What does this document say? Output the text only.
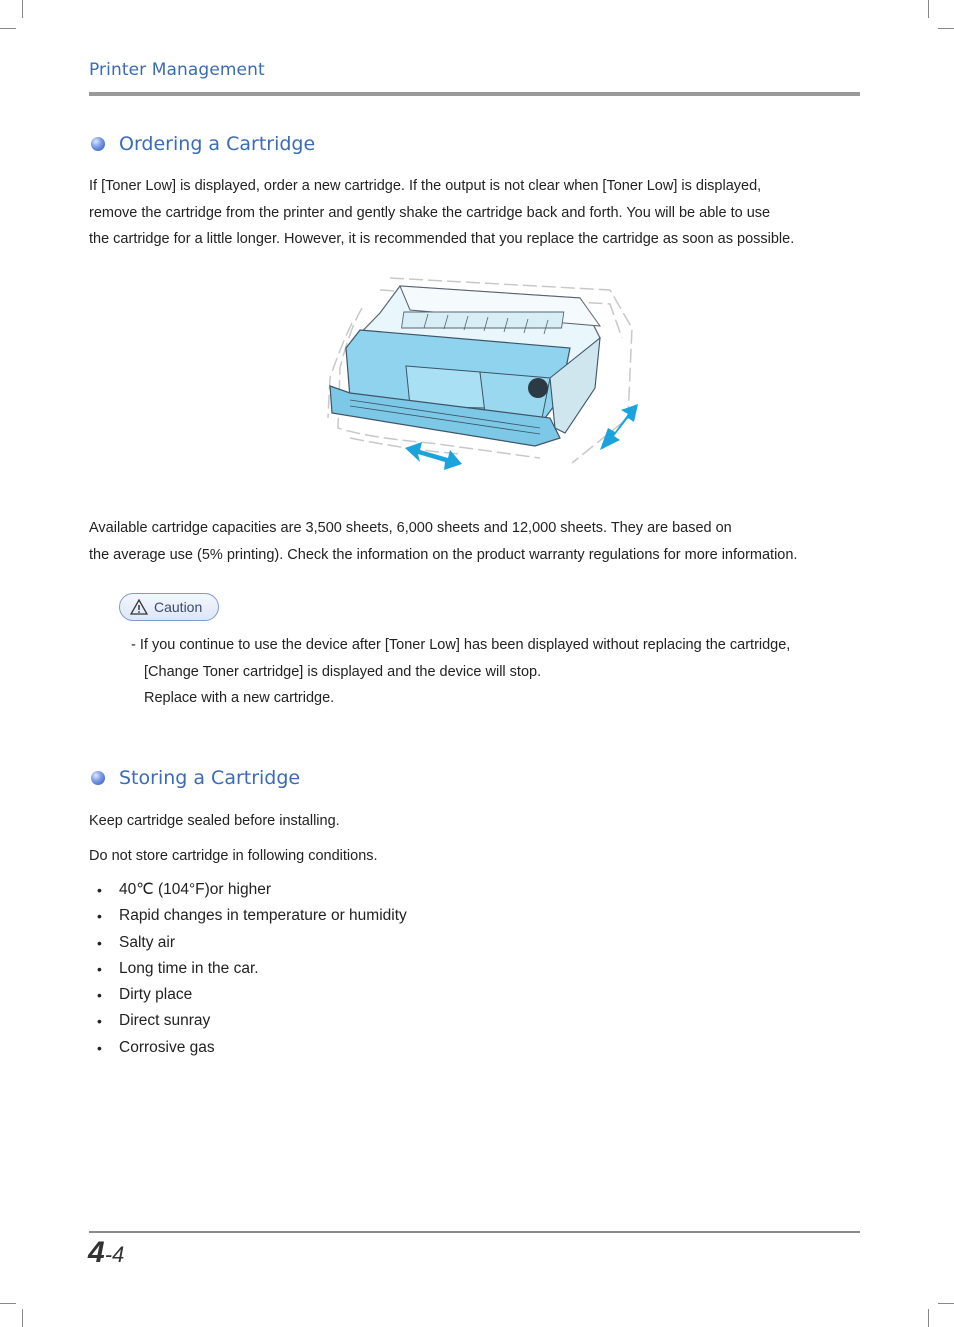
Printer Management
Ordering a Cartridge
If [Toner Low] is displayed, order a new cartridge. If the output is not clear when [Toner Low] is displayed,
remove the cartridge from the printer and gently shake the cartridge back and forth. You will be able to use
the cartridge for a little longer. However, it is recommended that you replace the cartridge as soon as possible.
Available cartridge capacities are 3,500 sheets, 6,000 sheets and 12,000 sheets. They are based on
the average use (5% printing). Check the information on the product warranty regulations for more information.
Caution
- If you continue to use the device after [Toner Low] has been displayed without replacing the cartridge,
[Change Toner cartridge] is displayed and the device will stop.
Replace with a new cartridge.
Storing a Cartridge
Keep cartridge sealed before installing.
Do not store cartridge in following conditions.
•	40℃ (104°F)or higher
•	Rapid changes in temperature or humidity
•	Salty air
•	Long time in the car.
•	Dirty place
•	Direct sunray
•	Corrosive gas
4-4
